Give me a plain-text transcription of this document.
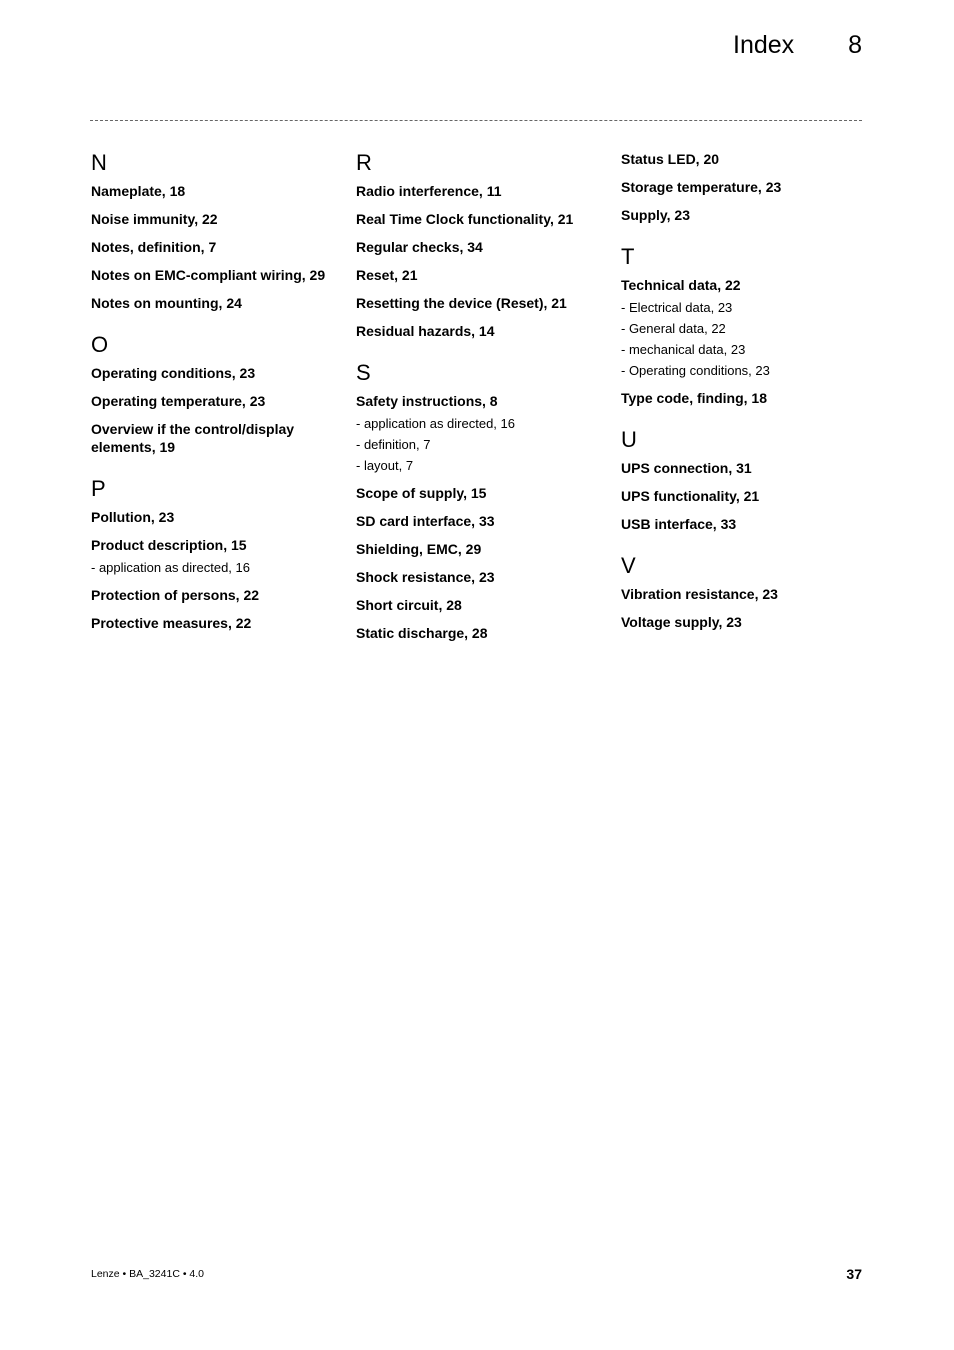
Index 8
N
Nameplate, 18
Noise immunity, 22
Notes, definition, 7
Notes on EMC-compliant wiring, 29
Notes on mounting, 24
O
Operating conditions, 23
Operating temperature, 23
Overview if the control/display elements, 19
P
Pollution, 23
Product description, 15
- application as directed, 16
Protection of persons, 22
Protective measures, 22
R
Radio interference, 11
Real Time Clock functionality, 21
Regular checks, 34
Reset, 21
Resetting the device (Reset), 21
Residual hazards, 14
S
Safety instructions, 8
- application as directed, 16
- definition, 7
- layout, 7
Scope of supply, 15
SD card interface, 33
Shielding, EMC, 29
Shock resistance, 23
Short circuit, 28
Static discharge, 28
Status LED, 20
Storage temperature, 23
Supply, 23
T
Technical data, 22
- Electrical data, 23
- General data, 22
- mechanical data, 23
- Operating conditions, 23
Type code, finding, 18
U
UPS connection, 31
UPS functionality, 21
USB interface, 33
V
Vibration resistance, 23
Voltage supply, 23
Lenze • BA_3241C • 4.0	37
